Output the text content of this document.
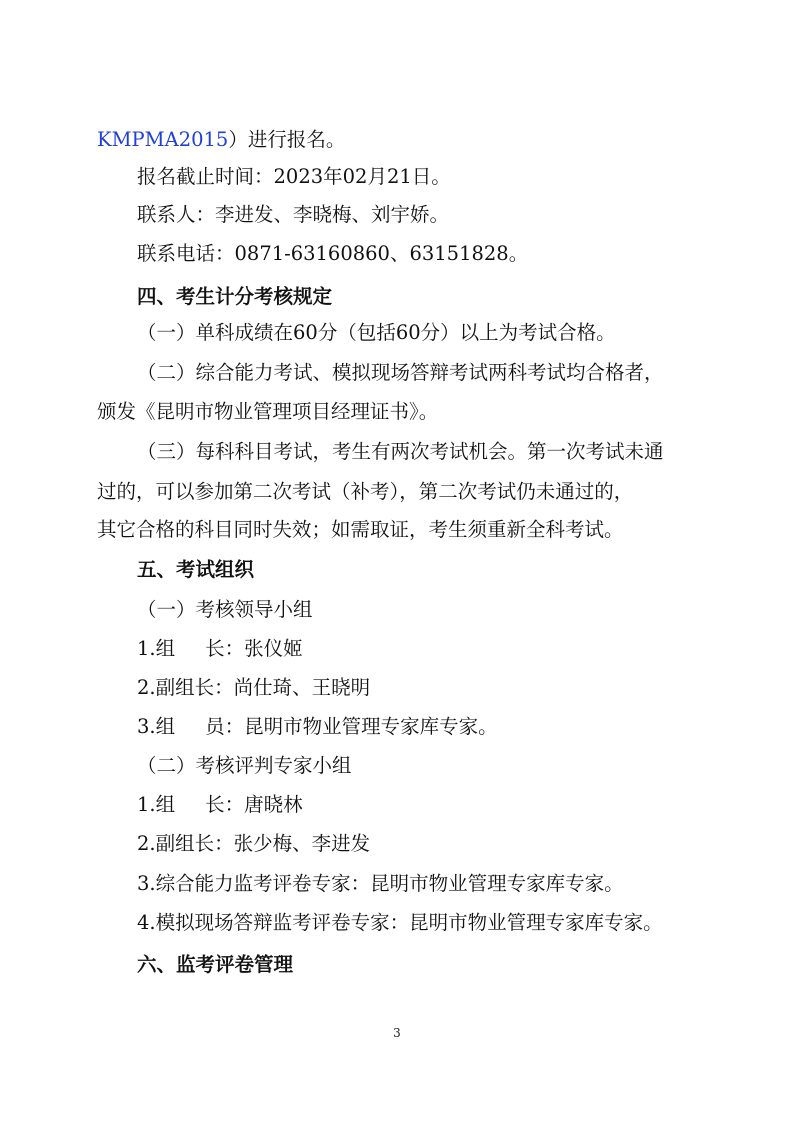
KMPMA2015）进行报名。
报名截止时间：2023年02月21日。
联系人：李进发、李晓梅、刘宇娇。
联系电话：0871-63160860、63151828。
四、考生计分考核规定
（一）单科成绩在60分（包括60分）以上为考试合格。
（二）综合能力考试、模拟现场答辩考试两科考试均合格者，
颁发《昆明市物业管理项目经理证书》。
（三）每科科目考试，考生有两次考试机会。第一次考试未通
过的，可以参加第二次考试（补考），第二次考试仍未通过的，
其它合格的科目同时失效；如需取证，考生须重新全科考试。
五、考试组织
（一）考核领导小组
1.组 长：张仪姬
2.副组长：尚仕琦、王晓明
3.组 员：昆明市物业管理专家库专家。
（二）考核评判专家小组
1.组 长：唐晓林
2.副组长：张少梅、李进发
3.综合能力监考评卷专家：昆明市物业管理专家库专家。
4.模拟现场答辩监考评卷专家：昆明市物业管理专家库专家。
六、监考评卷管理
3
